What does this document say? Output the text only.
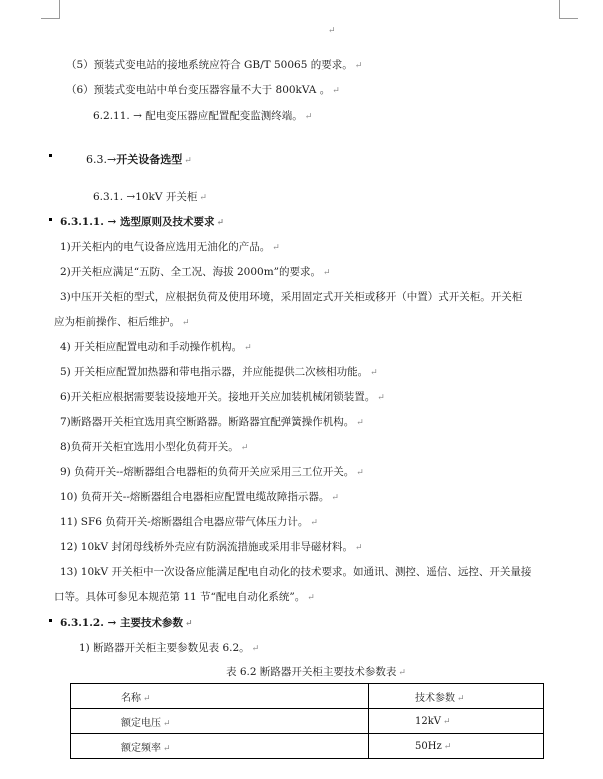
↵
（5）预装式变电站的接地系统应符合 GB/T 50065 的要求。 ↵
（6）预装式变电站中单台变压器容量不大于 800kVA 。 ↵
6.2.11. → 配电变压器应配置配变监测终端。 ↵
6.3.→开关设备选型 ↵
6.3.1. →10kV 开关柜 ↵
6.3.1.1. → 选型原则及技术要求 ↵
1)开关柜内的电气设备应选用无油化的产品。 ↵
2)开关柜应满足“五防、全工况、海拔 2000m”的要求。 ↵
3)中压开关柜的型式，应根据负荷及使用环境，采用固定式开关柜或移开（中置）式开关柜。开关柜
应为柜前操作、柜后维护。 ↵
4) 开关柜应配置电动和手动操作机构。 ↵
5) 开关柜应配置加热器和带电指示器，并应能提供二次核相功能。 ↵
6)开关柜应根据需要装设接地开关。接地开关应加装机械闭锁装置。 ↵
7)断路器开关柜宜选用真空断路器。断路器宜配弹簧操作机构。 ↵
8)负荷开关柜宜选用小型化负荷开关。 ↵
9) 负荷开关--熔断器组合电器柜的负荷开关应采用三工位开关。 ↵
10) 负荷开关--熔断器组合电器柜应配置电缆故障指示器。 ↵
11) SF6 负荷开关-熔断器组合电器应带气体压力计。 ↵
12) 10kV 封闭母线桥外壳应有防涡流措施或采用非导磁材料。 ↵
13) 10kV 开关柜中一次设备应能满足配电自动化的技术要求。如通讯、测控、遥信、远控、开关量接
口等。具体可参见本规范第 11 节“配电自动化系统”。 ↵
6.3.1.2. → 主要技术参数 ↵
1) 断路器开关柜主要参数见表 6.2。 ↵
表 6.2 断路器开关柜主要技术参数表 ↵
名称 ↵	技术参数 ↵
额定电压 ↵	12kV ↵
额定频率 ↵	50Hz ↵
